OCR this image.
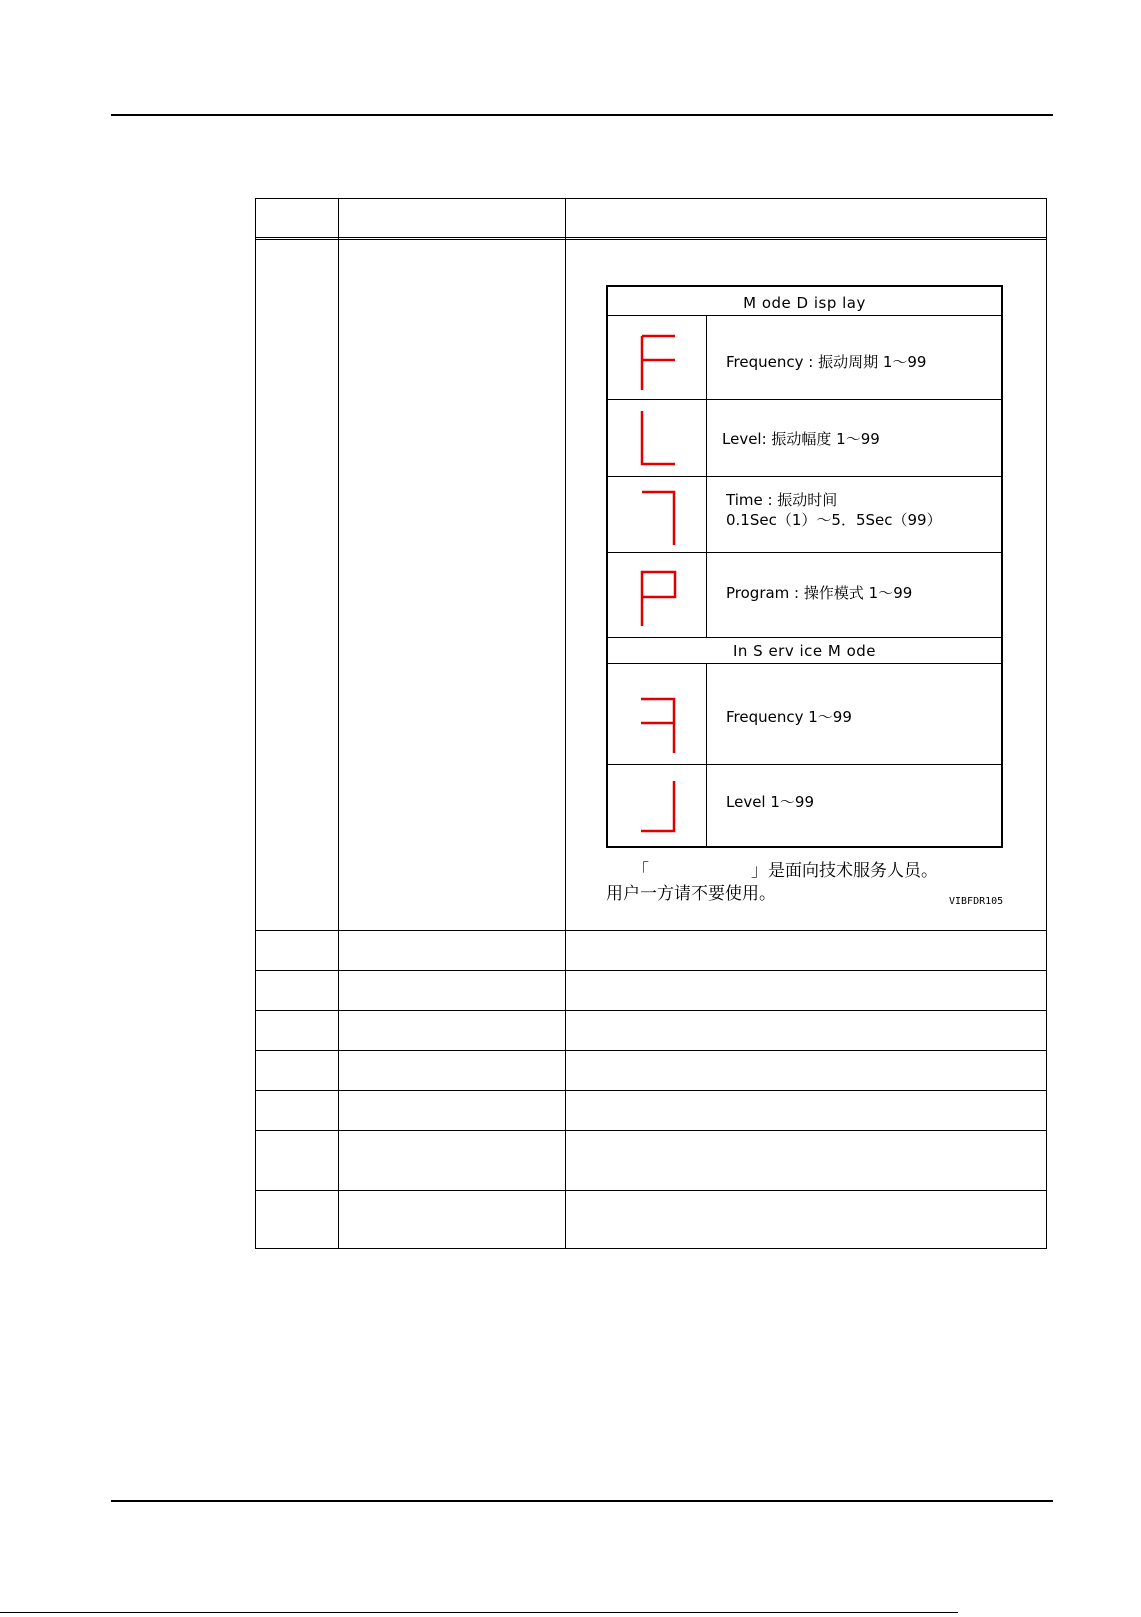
M ode D isp lay
In S erv ice M ode
Frequency : 振动周期 1～99
Level: 振动幅度 1～99
Time : 振动时间
0.1Sec（1）～5．5Sec（99）
Program : 操作模式 1～99
Frequency 1～99
Level 1～99
「	」是面向技术服务人员。
用户一方请不要使用。	VIBFDR105
